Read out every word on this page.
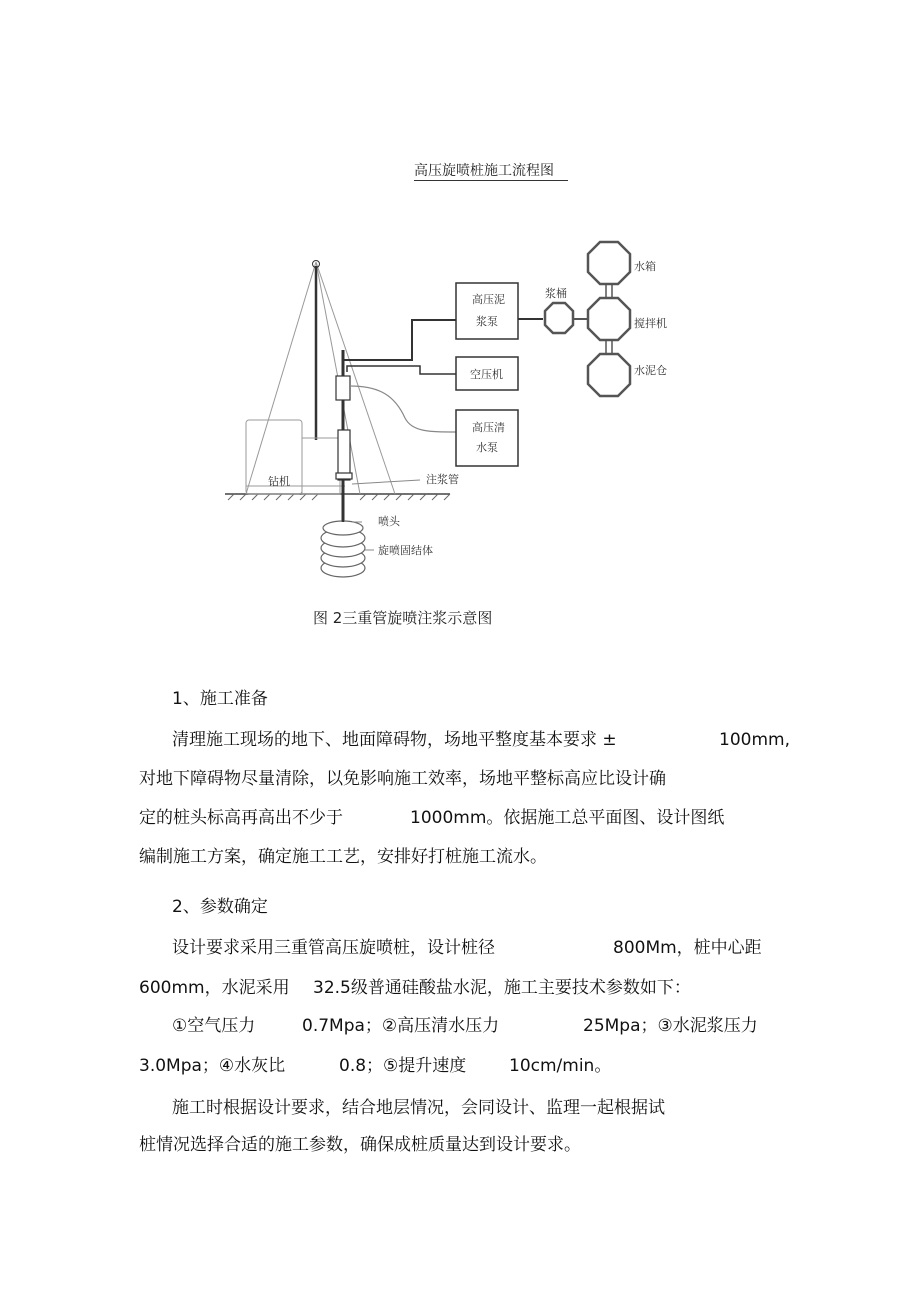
高压旋喷桩施工流程图
高压泥
浆泵
空压机
高压清
水泵
浆桶
水箱
搅拌机
水泥仓
钻机	注浆管
喷头
旋喷固结体
图 2三重管旋喷注浆示意图
1、施工准备
清理施工现场的地下、地面障碍物，场地平整度基本要求 ±	100mm,
对地下障碍物尽量清除，以免影响施工效率，场地平整标高应比设计确
定的桩头标高再高出不少于	1000mm。依据施工总平面图、设计图纸
编制施工方案，确定施工工艺，安排好打桩施工流水。
2、参数确定
设计要求采用三重管高压旋喷桩，设计桩径	800Mm，桩中心距
600mm，水泥采用 32.5级普通硅酸盐水泥，施工主要技术参数如下：
①空气压力	0.7Mpa；②高压清水压力	25Mpa；③水泥浆压力
3.0Mpa；④水灰比	0.8；⑤提升速度	10cm/min。
施工时根据设计要求，结合地层情况，会同设计、监理一起根据试
桩情况选择合适的施工参数，确保成桩质量达到设计要求。
